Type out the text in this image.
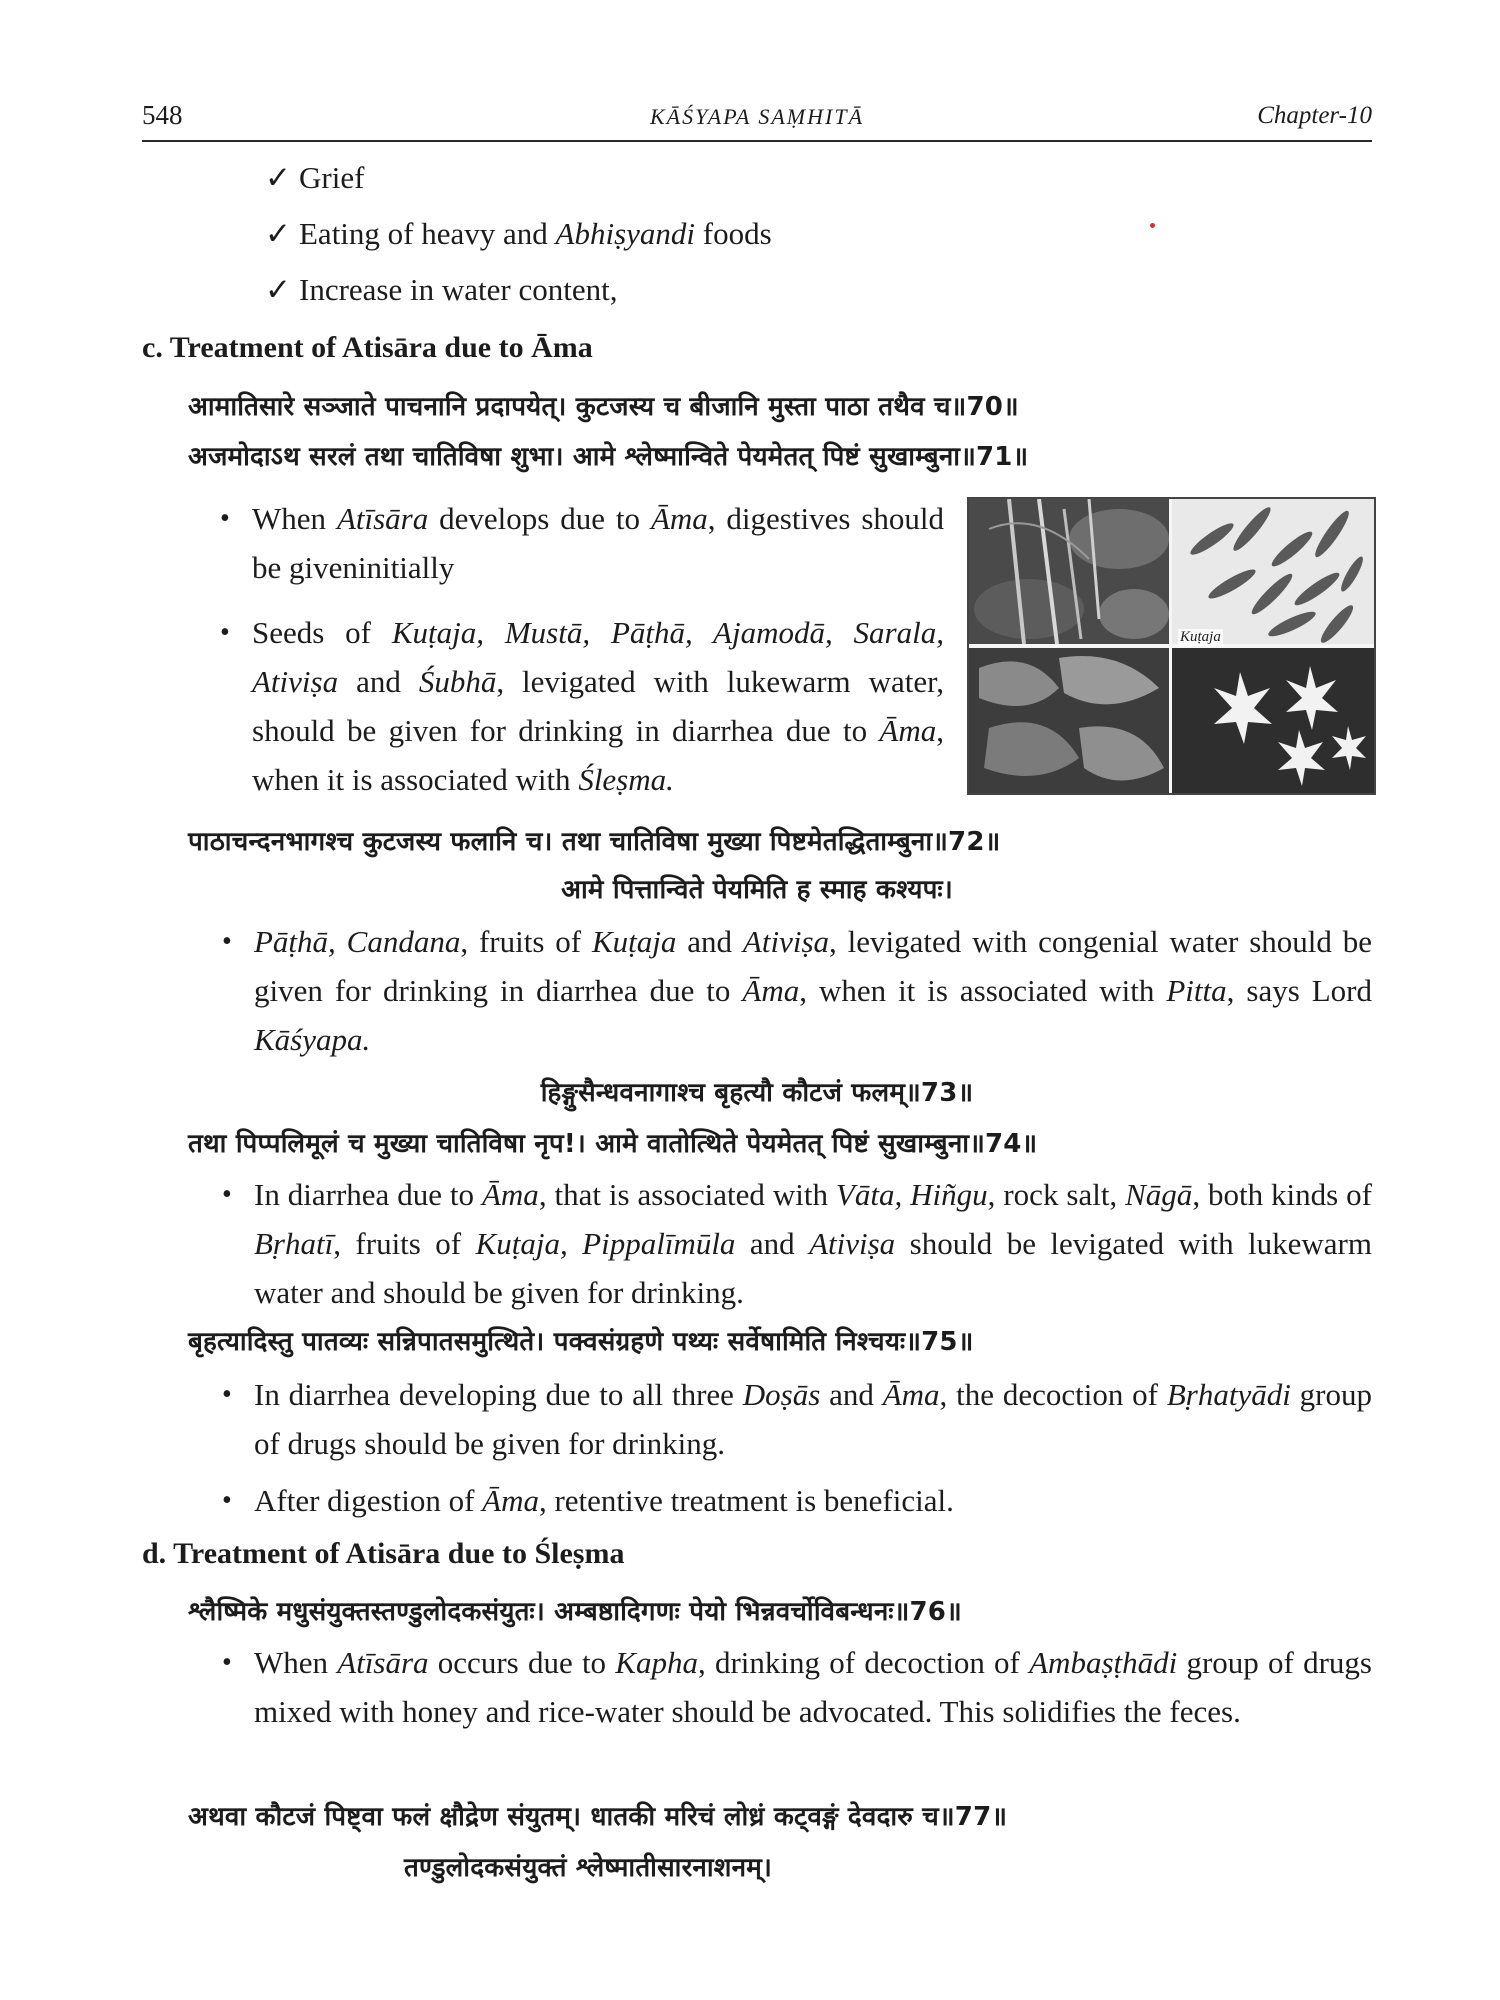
548	KĀŚYAPA SAṂHITĀ	Chapter-10
✓ Grief
✓ Eating of heavy and Abhiṣyandi foods
✓ Increase in water content,
c. Treatment of Atisāra due to Āma
आमातिसारे सञ्जाते पाचनानि प्रदापयेत्। कुटजस्य च बीजानि मुस्ता पाठा तथैव च॥70॥
अजमोदाऽथ सरलं तथा चातिविषा शुभा। आमे श्लेष्मान्विते पेयमेतत् पिष्टं सुखाम्बुना॥71॥
• When Atīsāra develops due to Āma, digestives should be giveninitially
• Seeds of Kuṭaja, Mustā, Pāṭhā, Ajamodā, Sarala, Ativiṣa and Śubhā, levigated with lukewarm water, should be given for drinking in diarrhea due to Āma, when it is associated with Śleṣma.
Kuṭaja
पाठाचन्दनभागश्च कुटजस्य फलानि च। तथा चातिविषा मुख्या पिष्टमेतद्धिताम्बुना॥72॥
आमे पित्तान्विते पेयमिति ह स्माह कश्यपः।
• Pāṭhā, Candana, fruits of Kuṭaja and Ativiṣa, levigated with congenial water should be given for drinking in diarrhea due to Āma, when it is associated with Pitta, says Lord Kāśyapa.
हिङ्गुसैन्धवनागाश्च बृहत्यौ कौटजं फलम्॥73॥
तथा पिप्पलिमूलं च मुख्या चातिविषा नृप!। आमे वातोत्थिते पेयमेतत् पिष्टं सुखाम्बुना॥74॥
• In diarrhea due to Āma, that is associated with Vāta, Hiñgu, rock salt, Nāgā, both kinds of Bṛhatī, fruits of Kuṭaja, Pippalīmūla and Ativiṣa should be levigated with lukewarm water and should be given for drinking.
बृहत्यादिस्तु पातव्यः सन्निपातसमुत्थिते। पक्वसंग्रहणे पथ्यः सर्वेषामिति निश्चयः॥75॥
• In diarrhea developing due to all three Doṣās and Āma, the decoction of Bṛhatyādi group of drugs should be given for drinking.
• After digestion of Āma, retentive treatment is beneficial.
d. Treatment of Atisāra due to Śleṣma
श्लैष्मिके मधुसंयुक्तस्तण्डुलोदकसंयुतः। अम्बष्ठादिगणः पेयो भिन्नवर्चोविबन्धनः॥76॥
• When Atīsāra occurs due to Kapha, drinking of decoction of Ambaṣṭhādi group of drugs mixed with honey and rice-water should be advocated. This solidifies the feces.
अथवा कौटजं पिष्ट्वा फलं क्षौद्रेण संयुतम्। धातकी मरिचं लोध्रं कट्वङ्गं देवदारु च॥77॥
तण्डुलोदकसंयुक्तं श्लेष्मातीसारनाशनम्।
